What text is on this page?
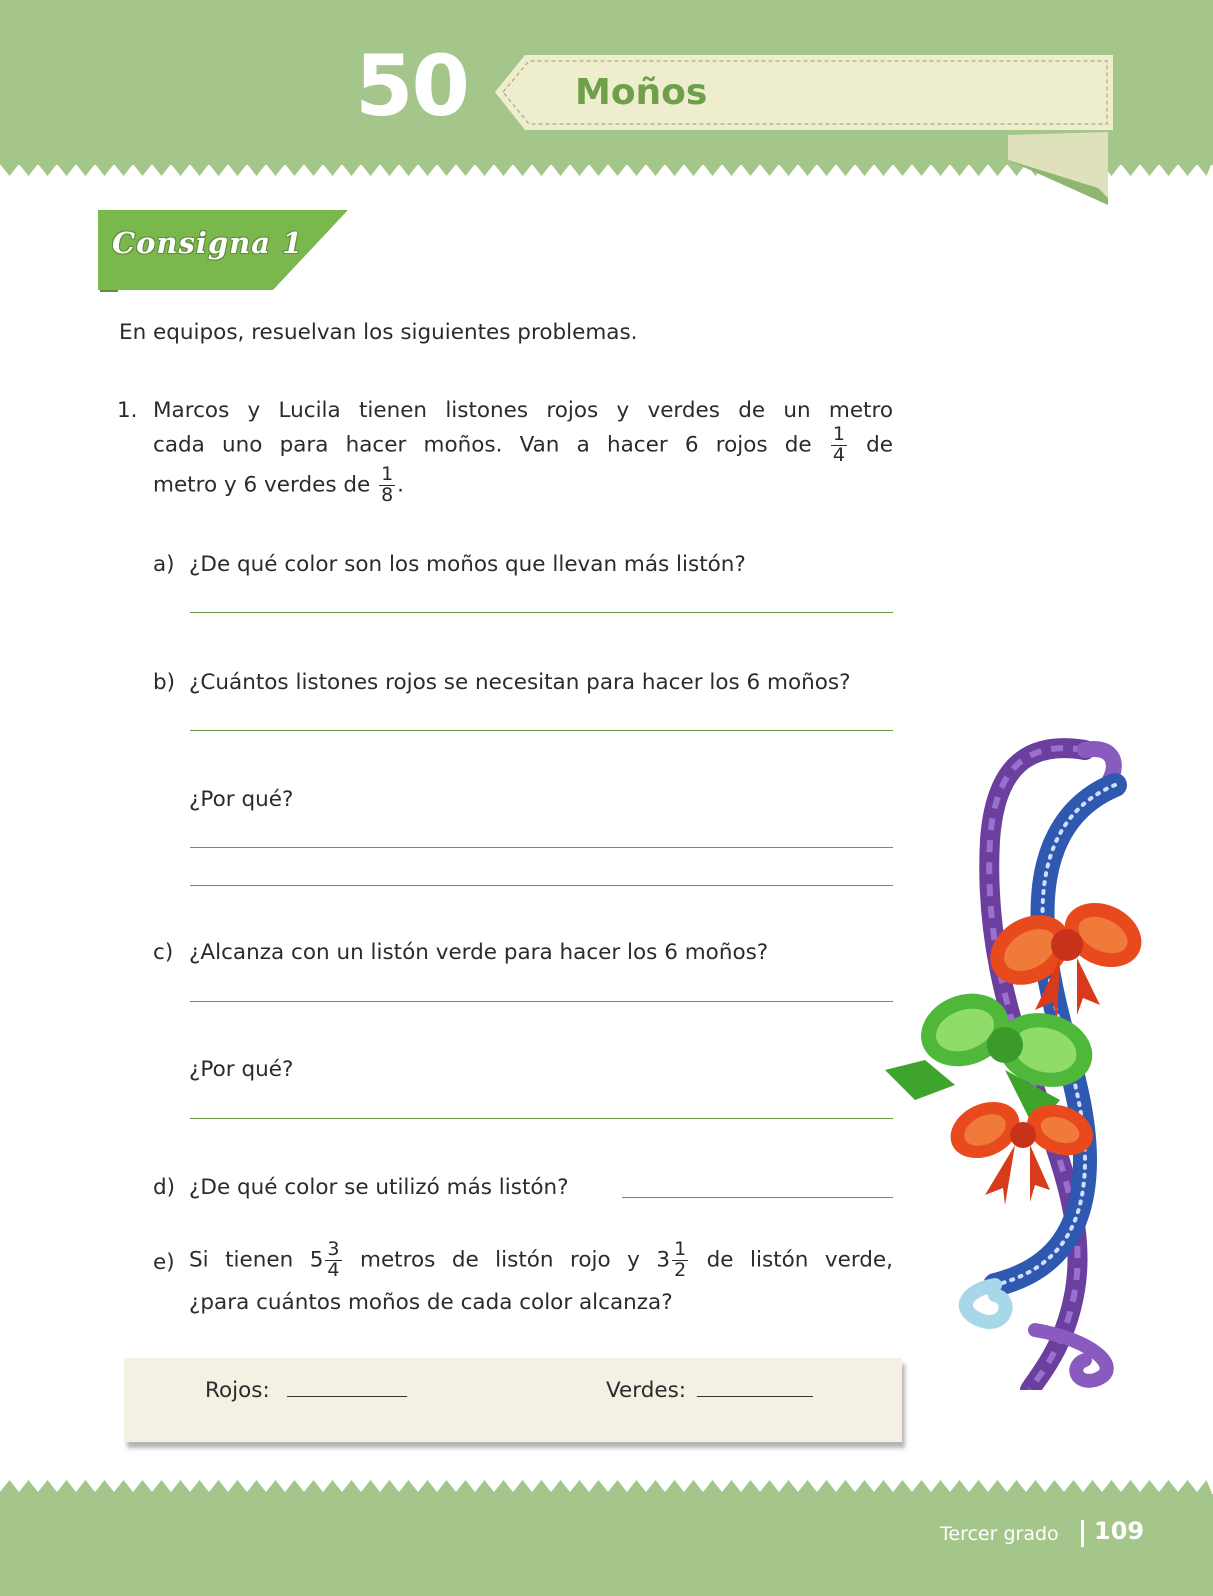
50	Moños
Consigna 1
En equipos, resuelvan los siguientes problemas.
1. Marcos y Lucila tienen listones rojos y verdes de un metro
cada uno para hacer moños. Van a hacer 6 rojos de $\frac{1}{4}$ de
metro y 6 verdes de $\frac{1}{8}$ .
a) ¿De qué color son los moños que llevan más listón?
b) ¿Cuántos listones rojos se necesitan para hacer los 6 moños?
¿Por qué?
c) ¿Alcanza con un listón verde para hacer los 6 moños?
¿Por qué?
d) ¿De qué color se utilizó más listón?
e) Si tienen $5 \frac{3}{4}$ metros de listón rojo y $3 \frac{1}{2}$ de listón verde,
¿para cuántos moños de cada color alcanza?
Rojos:	Verdes:
Tercer grado 109
